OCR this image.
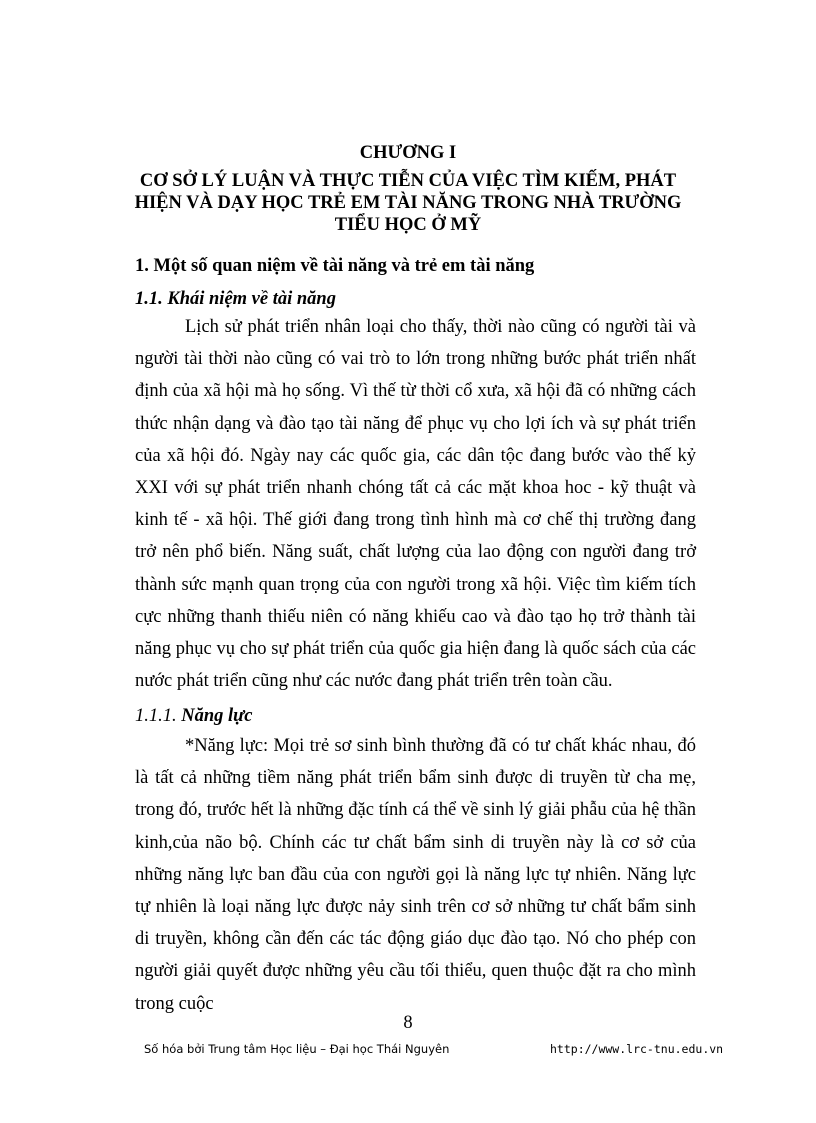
CHƯƠNG I
CƠ SỞ LÝ LUẬN VÀ THỰC TIỄN CỦA VIỆC TÌM KIẾM, PHÁT HIỆN VÀ DẠY HỌC TRẺ EM TÀI NĂNG TRONG NHÀ TRƯỜNG TIỂU HỌC Ở MỸ
1. Một số quan niệm về tài năng và trẻ em tài năng
1.1. Khái niệm về tài năng

Lịch sử phát triển nhân loại cho thấy, thời nào cũng có người tài và người tài thời nào cũng có vai trò to lớn trong những bước phát triển nhất định của xã hội mà họ sống. Vì thế từ thời cổ xưa, xã hội đã có những cách thức nhận dạng và đào tạo tài năng để phục vụ cho lợi ích và sự phát triển của xã hội đó. Ngày nay các quốc gia, các dân tộc đang bước vào thế kỷ XXI với sự phát triển nhanh chóng tất cả các mặt khoa hoc - kỹ thuật và kinh tế - xã hội. Thế giới đang trong tình hình mà cơ chế thị trường đang trở nên phổ biến. Năng suất, chất lượng của lao động con người đang trở thành sức mạnh quan trọng của con người trong xã hội. Việc tìm kiếm tích cực những thanh thiếu niên có năng khiếu cao và đào tạo họ trở thành tài năng phục vụ cho sự phát triển của quốc gia hiện đang là quốc sách của các nước phát triển cũng như các nước đang phát triển trên toàn cầu.

1.1.1. Năng lực

*Năng lực: Mọi trẻ sơ sinh bình thường đã có tư chất khác nhau, đó là tất cả những tiềm năng phát triển bẩm sinh được di truyền từ cha mẹ, trong đó, trước hết là những đặc tính cá thể về sinh lý giải phẫu của hệ thần kinh,của não bộ. Chính các tư chất bẩm sinh di truyền này là cơ sở của những năng lực ban đầu của con người gọi là năng lực tự nhiên. Năng lực tự nhiên là loại năng lực được nảy sinh trên cơ sở những tư chất bẩm sinh di truyền, không cần đến các tác động giáo dục đào tạo. Nó cho phép con người giải quyết được những yêu cầu tối thiểu, quen thuộc đặt ra cho mình trong cuộc

8
Số hóa bởi Trung tâm Học liệu – Đại học Thái Nguyên	http://www.lrc-tnu.edu.vn
